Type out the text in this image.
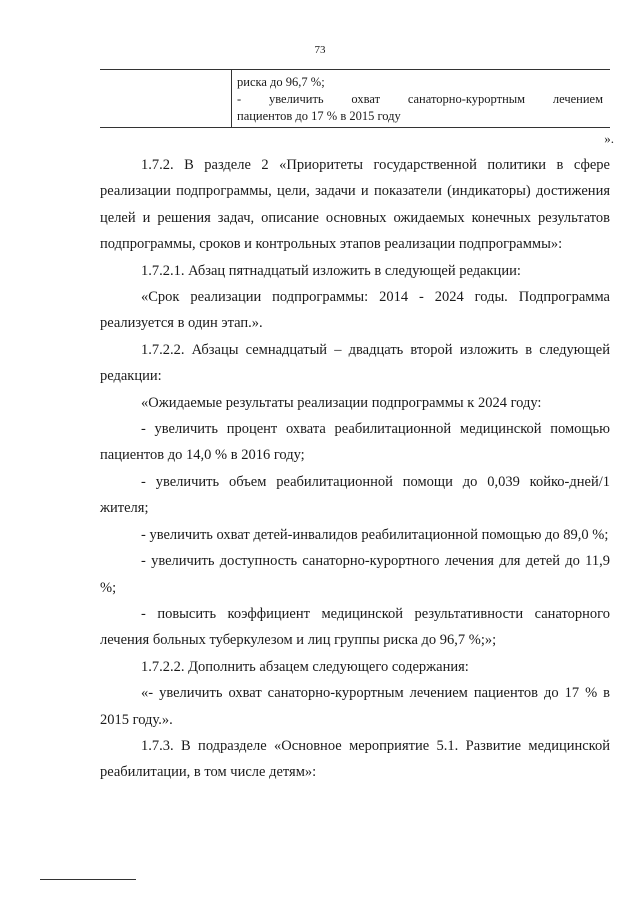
73
риска до 96,7 %;
- увеличить охват санаторно-курортным лечением
пациентов до 17 % в 2015 году
».

1.7.2. В разделе 2 «Приоритеты государственной политики в сфере реализации подпрограммы, цели, задачи и показатели (индикаторы) достижения целей и решения задач, описание основных ожидаемых конечных результатов подпрограммы, сроков и контрольных этапов реализации подпрограммы»:

1.7.2.1. Абзац пятнадцатый изложить в следующей редакции:

«Срок реализации подпрограммы: 2014 - 2024 годы. Подпрограмма реализуется в один этап.».

1.7.2.2. Абзацы семнадцатый – двадцать второй изложить в следующей редакции:

«Ожидаемые результаты реализации подпрограммы к 2024 году:

- увеличить процент охвата реабилитационной медицинской помощью пациентов до 14,0 % в 2016 году;

- увеличить объем реабилитационной помощи до 0,039 койко-дней/1 жителя;

- увеличить охват детей-инвалидов реабилитационной помощью до 89,0 %;

- увеличить доступность санаторно-курортного лечения для детей до 11,9 %;

- повысить коэффициент медицинской результативности санаторного лечения больных туберкулезом и лиц группы риска до 96,7 %;»;

1.7.2.2. Дополнить абзацем следующего содержания:

«- увеличить охват санаторно-курортным лечением пациентов до 17 % в 2015 году.».

1.7.3. В подразделе «Основное мероприятие 5.1. Развитие медицинской реабилитации, в том числе детям»:
